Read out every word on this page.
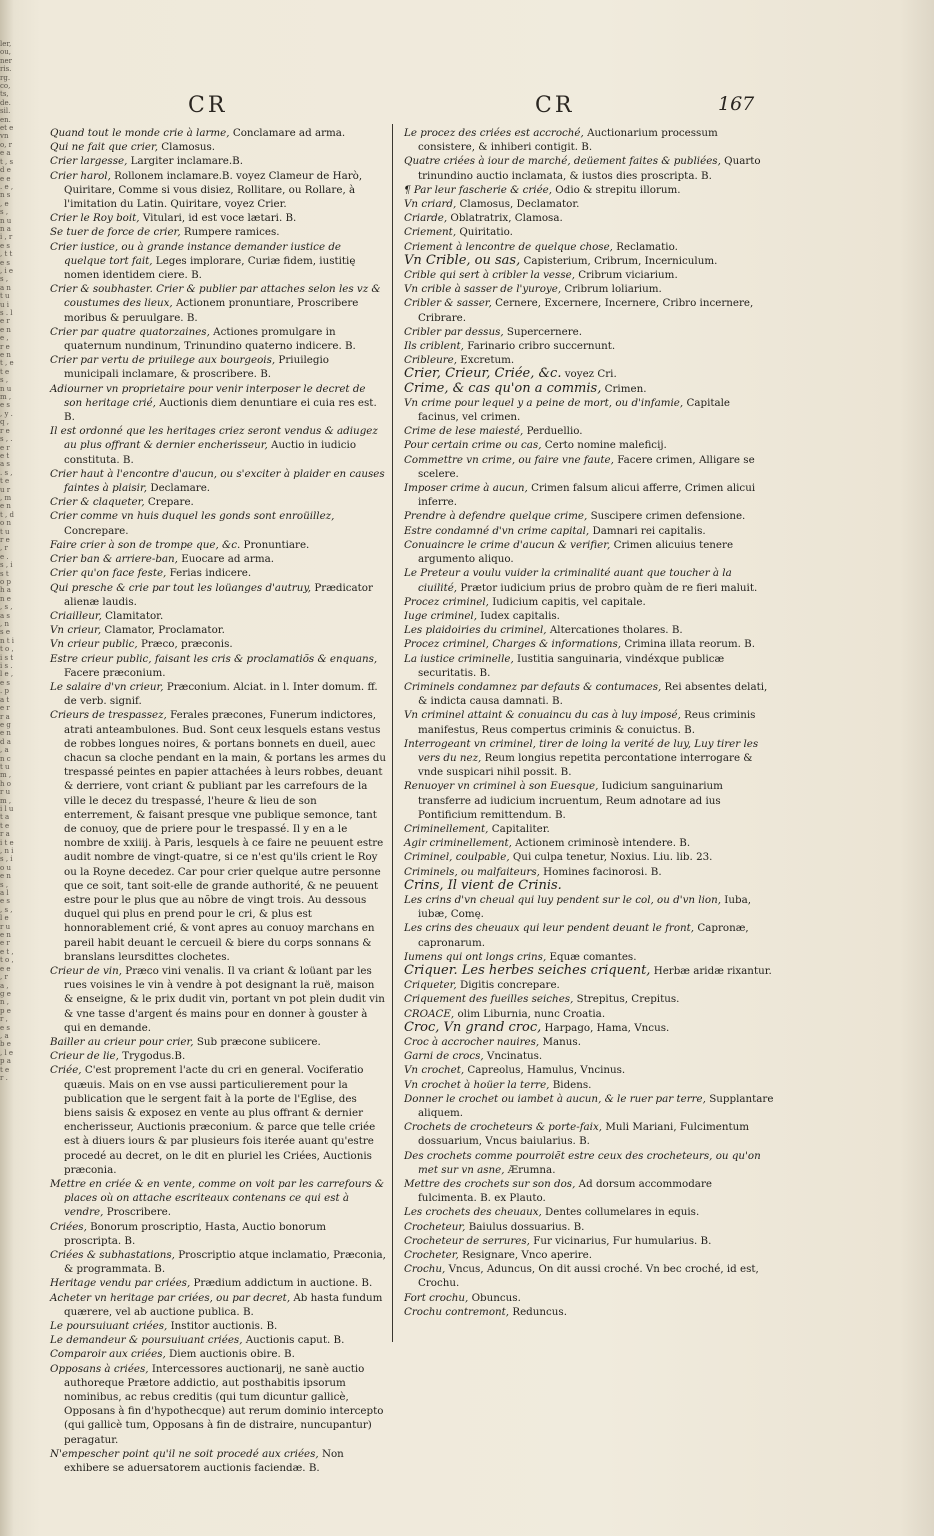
ler, ou, ner ris. rg. co, ts, de. sil. en. et e vn o, r e a t , s d e e e . e , n s , e s , n u n a i , r e s , t t e s , i e s , a n t u u i s . l e r e n e , r e e n t , e t e s , n u m , e s , y . q , r e s , . e r e t a s . s , t e u r , m e n t , d o n t u r e , r e . s , i s t o p h a n e , s , a s , n s e n t i t o , i s t i s . l e , e s . p a t e r r a e g e n d a , a n c t u m , h o r u m , i l u t a t e r a i t e , n i s , i o u e n s , a l e s , s , l e r u e n e r e t , t o , e e , r a , g e n , p e r , e s , a b e , l e p a t e r .
CR	CR	167

Quand tout le monde crie à larme, Conclamare ad arma.

Qui ne fait que crier, Clamosus.

Crier largesse, Largiter inclamare.B.

Crier harol, Rollonem inclamare.B. voyez Clameur de Harò, Quiritare, Comme si vous disiez, Rollitare, ou Rollare, à l'imitation du Latin. Quiritare, voyez Crier.

Crier le Roy boit, Vitulari, id est voce lætari. B.

Se tuer de force de crier, Rumpere ramices.

Crier iustice, ou à grande instance demander iustice de quelque tort fait, Leges implorare, Curiæ fidem, iustitię nomen identidem ciere. B.

Crier & soubhaster. Crier & publier par attaches selon les vz & coustumes des lieux, Actionem pronuntiare, Proscribere moribus & peruulgare. B.

Crier par quatre quatorzaines, Actiones promulgare in quaternum nundinum, Trinundino quaterno indicere. B.

Crier par vertu de priuilege aux bourgeois, Priuilegio municipali inclamare, & proscribere. B.

Adiourner vn proprietaire pour venir interposer le decret de son heritage crié, Auctionis diem denuntiare ei cuia res est. B.

Il est ordonné que les heritages criez seront vendus & adiugez au plus offrant & dernier encherisseur, Auctio in iudicio constituta. B.

Crier haut à l'encontre d'aucun, ou s'exciter à plaider en causes faintes à plaisir, Declamare.

Crier & claqueter, Crepare.

Crier comme vn huis duquel les gonds sont enroüillez, Concrepare.

Faire crier à son de trompe que, &c. Pronuntiare.

Crier ban & arriere-ban, Euocare ad arma.

Crier qu'on face feste, Ferias indicere.

Qui presche & crie par tout les loüanges d'autruy, Prædicator alienæ laudis.

Criailleur, Clamitator.

Vn crieur, Clamator, Proclamator.

Vn crieur public, Præco, præconis.

Estre crieur public, faisant les cris & proclamatiõs & enquans, Facere præconium.

Le salaire d'vn crieur, Præconium. Alciat. in l. Inter domum. ff. de verb. signif.

Crieurs de trespassez, Ferales præcones, Funerum indictores, atrati anteambulones. Bud. Sont ceux lesquels estans vestus de robbes longues noires, & portans bonnets en dueil, auec chacun sa cloche pendant en la main, & portans les armes du trespassé peintes en papier attachées à leurs robbes, deuant & derriere, vont criant & publiant par les carrefours de la ville le decez du trespassé, l'heure & lieu de son enterrement, & faisant presque vne publique semonce, tant de conuoy, que de priere pour le trespassé. Il y en a le nombre de xxiiij. à Paris, lesquels à ce faire ne peuuent estre audit nombre de vingt-quatre, si ce n'est qu'ils crient le Roy ou la Royne decedez. Car pour crier quelque autre personne que ce soit, tant soit-elle de grande authorité, & ne peuuent estre pour le plus que au nõbre de vingt trois. Au dessous duquel qui plus en prend pour le cri, & plus est honnorablement crié, & vont apres au conuoy marchans en pareil habit deuant le cercueil & biere du corps sonnans & branslans leursdittes clochetes.

Crieur de vin, Præco vini venalis. Il va criant & loüant par les rues voisines le vin à vendre à pot designant la ruë, maison & enseigne, & le prix dudit vin, portant vn pot plein dudit vin & vne tasse d'argent és mains pour en donner à gouster à qui en demande.

Bailler au crieur pour crier, Sub præcone subiicere.

Crieur de lie, Trygodus.B.

Criée, C'est proprement l'acte du cri en general. Vociferatio quæuis. Mais on en vse aussi particulierement pour la publication que le sergent fait à la porte de l'Eglise, des biens saisis & exposez en vente au plus offrant & dernier encherisseur, Auctionis præconium. & parce que telle criée est à diuers iours & par plusieurs fois iterée auant qu'estre procedé au decret, on le dit en pluriel les Criées, Auctionis præconia.

Mettre en criée & en vente, comme on voit par les carrefours & places où on attache escriteaux contenans ce qui est à vendre, Proscribere.

Criées, Bonorum proscriptio, Hasta, Auctio bonorum proscripta. B.

Criées & subhastations, Proscriptio atque inclamatio, Præconia, & programmata. B.

Heritage vendu par criées, Prædium addictum in auctione. B.

Acheter vn heritage par criées, ou par decret, Ab hasta fundum quærere, vel ab auctione publica. B.

Le poursuiuant criées, Institor auctionis. B.

Le demandeur & poursuiuant criées, Auctionis caput. B.

Comparoir aux criées, Diem auctionis obire. B.

Opposans à criées, Intercessores auctionarij, ne sanè auctio authoreque Prætore addictio, aut posthabitis ipsorum nominibus, ac rebus creditis (qui tum dicuntur gallicè, Opposans à fin d'hypothecque) aut rerum dominio intercepto (qui gallicè tum, Opposans à fin de distraire, nuncupantur) peragatur.

N'empescher point qu'il ne soit procedé aux criées, Non exhibere se aduersatorem auctionis faciendæ. B.

Le procez des criées est accroché, Auctionarium processum consistere, & inhiberi contigit. B.

Quatre criées à iour de marché, deüement faites & publiées, Quarto trinundino auctio inclamata, & iustos dies proscripta. B.

¶ Par leur fascherie & criée, Odio & strepitu illorum.

Vn criard, Clamosus, Declamator.

Criarde, Oblatratrix, Clamosa.

Criement, Quiritatio.

Criement à lencontre de quelque chose, Reclamatio.

Vn Crible, ou sas, Capisterium, Cribrum, Incerniculum.

Crible qui sert à cribler la vesse, Cribrum viciarium.

Vn crible à sasser de l'yuroye, Cribrum loliarium.

Cribler & sasser, Cernere, Excernere, Incernere, Cribro incernere, Cribrare.

Cribler par dessus, Supercernere.

Ils criblent, Farinario cribro succernunt.

Cribleure, Excretum.

Crier, Crieur, Criée, &c. voyez Cri.

Crime, & cas qu'on a commis, Crimen.

Vn crime pour lequel y a peine de mort, ou d'infamie, Capitale facinus, vel crimen.

Crime de lese maiesté, Perduellio.

Pour certain crime ou cas, Certo nomine maleficij.

Commettre vn crime, ou faire vne faute, Facere crimen, Alligare se scelere.

Imposer crime à aucun, Crimen falsum alicui afferre, Crimen alicui inferre.

Prendre à defendre quelque crime, Suscipere crimen defensione.

Estre condamné d'vn crime capital, Damnari rei capitalis.

Conuaincre le crime d'aucun & verifier, Crimen alicuius tenere argumento aliquo.

Le Preteur a voulu vuider la criminalité auant que toucher à la ciuilité, Prætor iudicium prius de probro quàm de re fieri maluit.

Procez criminel, Iudicium capitis, vel capitale.

Iuge criminel, Iudex capitalis.

Les plaidoiries du criminel, Altercationes tholares. B.

Procez criminel, Charges & informations, Crimina illata reorum. B.

La iustice criminelle, Iustitia sanguinaria, vindéxque publicæ securitatis. B.

Criminels condamnez par defauts & contumaces, Rei absentes delati, & indicta causa damnati. B.

Vn criminel attaint & conuaincu du cas à luy imposé, Reus criminis manifestus, Reus compertus criminis & conuictus. B.

Interrogeant vn criminel, tirer de loing la verité de luy, Luy tirer les vers du nez, Reum longius repetita percontatione interrogare & vnde suspicari nihil possit. B.

Renuoyer vn criminel à son Euesque, Iudicium sanguinarium transferre ad iudicium incruentum, Reum adnotare ad ius Pontificium remittendum. B.

Criminellement, Capitaliter.

Agir criminellement, Actionem criminosè intendere. B.

Criminel, coulpable, Qui culpa tenetur, Noxius. Liu. lib. 23.

Criminels, ou malfaiteurs, Homines facinorosi. B.

Crins, Il vient de Crinis.

Les crins d'vn cheual qui luy pendent sur le col, ou d'vn lion, Iuba, iubæ, Comę.

Les crins des cheuaux qui leur pendent deuant le front, Capronæ, capronarum.

Iumens qui ont longs crins, Equæ comantes.

Criquer. Les herbes seiches criquent, Herbæ aridæ rixantur.

Criqueter, Digitis concrepare.

Criquement des fueilles seiches, Strepitus, Crepitus.

CROACE, olim Liburnia, nunc Croatia.

Croc, Vn grand croc, Harpago, Hama, Vncus.

Croc à accrocher nauires, Manus.

Garni de crocs, Vncinatus.

Vn crochet, Capreolus, Hamulus, Vncinus.

Vn crochet à hoüer la terre, Bidens.

Donner le crochet ou iambet à aucun, & le ruer par terre, Supplantare aliquem.

Crochets de crocheteurs & porte-faix, Muli Mariani, Fulcimentum dossuarium, Vncus baiularius. B.

Des crochets comme pourroiẽt estre ceux des crocheteurs, ou qu'on met sur vn asne, Ærumna.

Mettre des crochets sur son dos, Ad dorsum accommodare fulcimenta. B. ex Plauto.

Les crochets des cheuaux, Dentes collumelares in equis.

Crocheteur, Baiulus dossuarius. B.

Crocheteur de serrures, Fur vicinarius, Fur humularius. B.

Crocheter, Resignare, Vnco aperire.

Crochu, Vncus, Aduncus, On dit aussi croché. Vn bec croché, id est, Crochu.

Fort crochu, Obuncus.

Crochu contremont, Reduncus.
